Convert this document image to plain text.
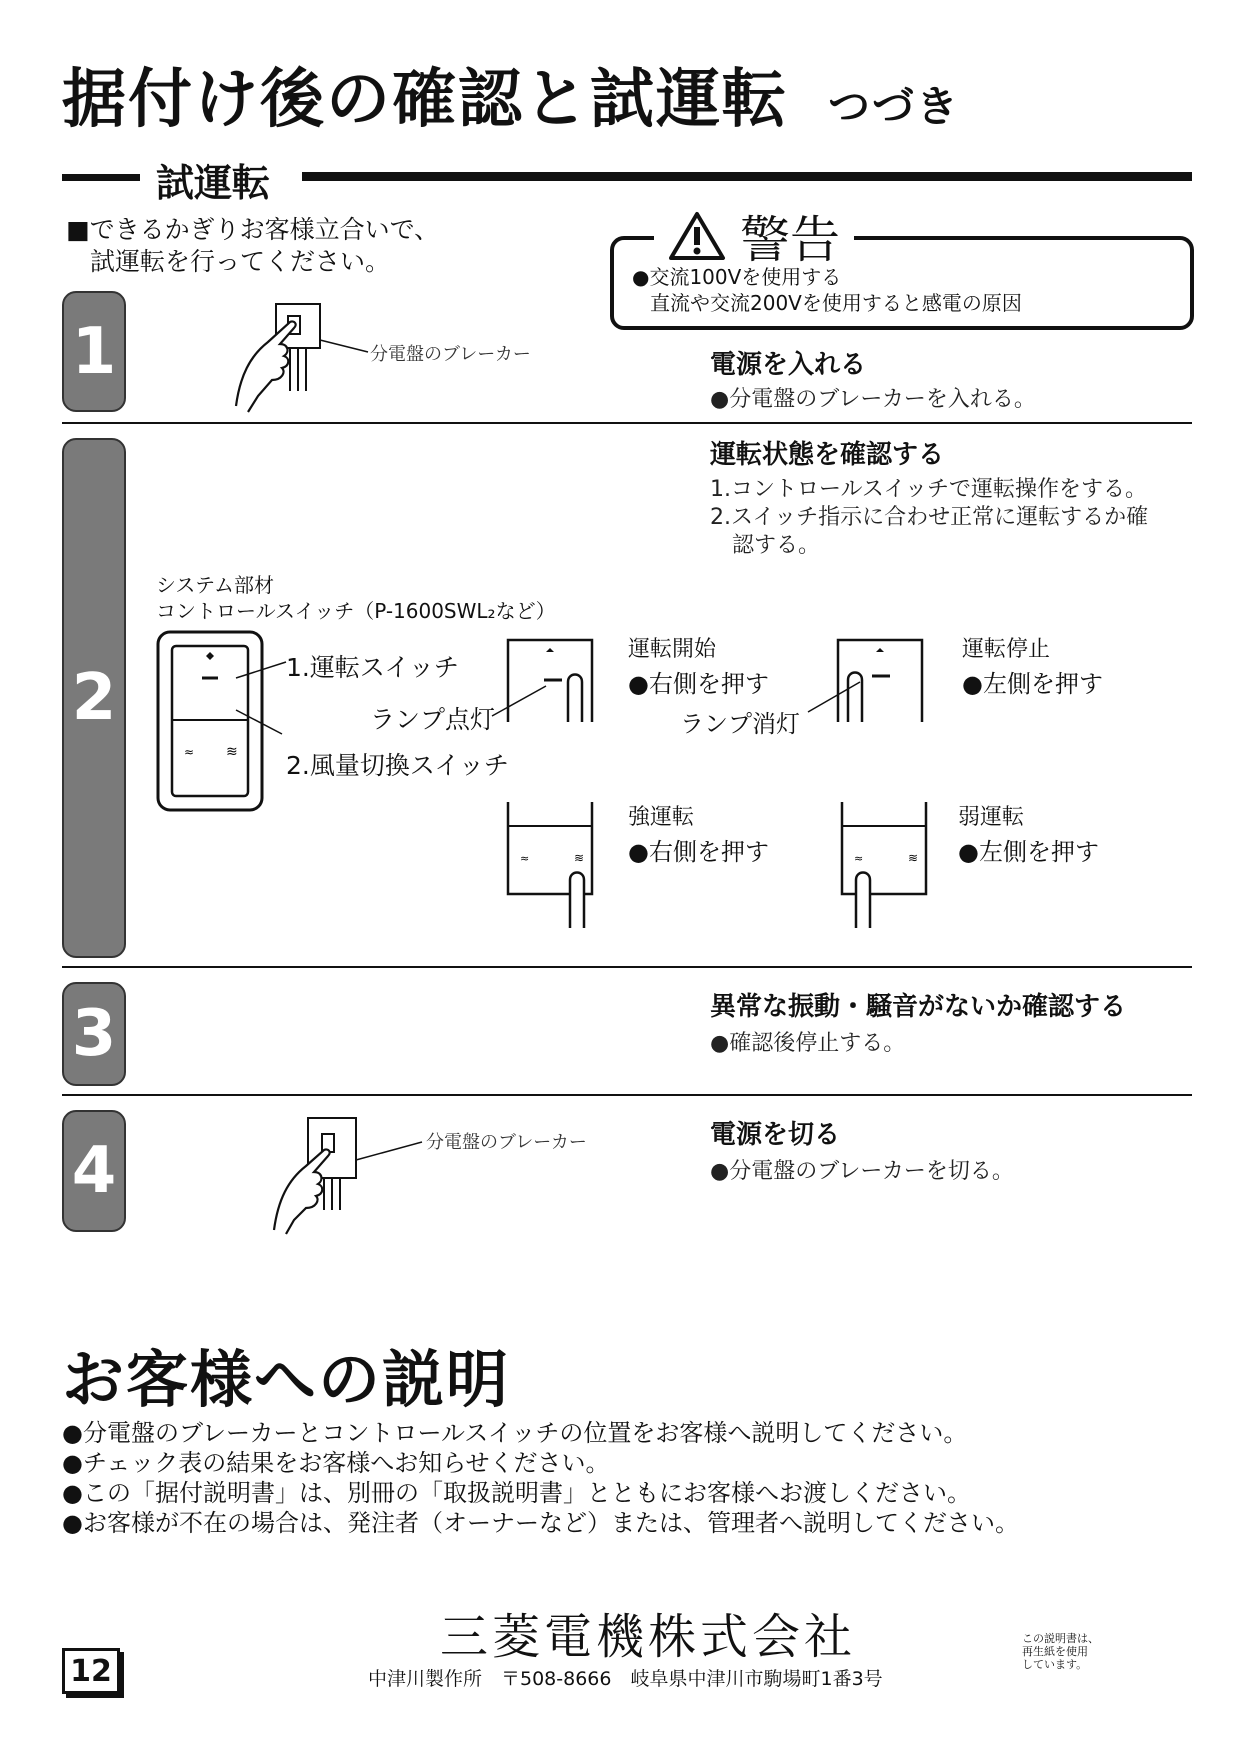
据付け後の確認と試運転 つづき
試運転
■できるかぎりお客様立合いで、
試運転を行ってください。	警告
●交流100Vを使用する
直流や交流200Vを使用すると感電の原因
1	分電盤のブレーカー	電源を入れる
●分電盤のブレーカーを入れる。
2
運転状態を確認する
1.コントロールスイッチで運転操作をする。
2.スイッチ指示に合わせ正常に運転するか確
認する。
システム部材
コントロールスイッチ（P-1600SWL₂など）
≈ ≋
1.運転スイッチ
ランプ点灯
2.風量切換スイッチ
運転開始
●右側を押す
ランプ消灯
運転停止
●左側を押す
≈	≋
強運転
●右側を押す	≈	≋
弱運転
●左側を押す
3	異常な振動・騒音がないか確認する
●確認後停止する。
4	分電盤のブレーカー	電源を切る
●分電盤のブレーカーを切る。
お客様への説明
●分電盤のブレーカーとコントロールスイッチの位置をお客様へ説明してください。
●チェック表の結果をお客様へお知らせください。
●この「据付説明書」は、別冊の「取扱説明書」とともにお客様へお渡しください。
●お客様が不在の場合は、発注者（オーナーなど）または、管理者へ説明してください。
三菱電機株式会社
中津川製作所　〒508-8666　岐阜県中津川市駒場町1番3号
この説明書は、
再生紙を使用
しています。
12
